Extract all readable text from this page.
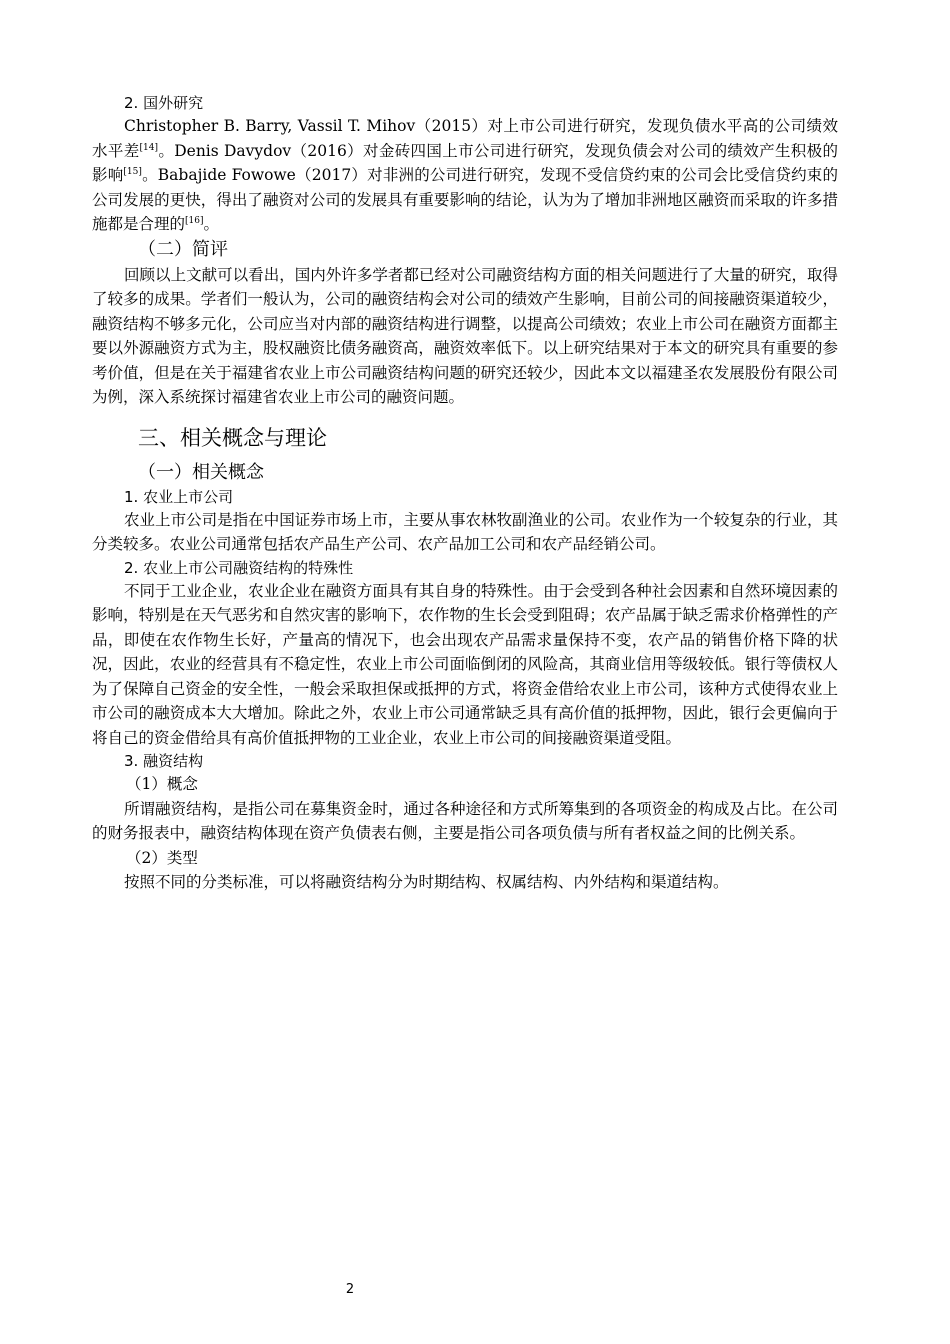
2. 国外研究

Christopher B. Barry, Vassil T. Mihov（2015）对上市公司进行研究，发现负债水平高的公司绩效水平差[14]。Denis Davydov（2016）对金砖四国上市公司进行研究，发现负债会对公司的绩效产生积极的影响[15]。Babajide Fowowe（2017）对非洲的公司进行研究，发现不受信贷约束的公司会比受信贷约束的公司发展的更快，得出了融资对公司的发展具有重要影响的结论，认为为了增加非洲地区融资而采取的许多措施都是合理的[16]。

（二）简评

回顾以上文献可以看出，国内外许多学者都已经对公司融资结构方面的相关问题进行了大量的研究，取得了较多的成果。学者们一般认为，公司的融资结构会对公司的绩效产生影响，目前公司的间接融资渠道较少，融资结构不够多元化，公司应当对内部的融资结构进行调整，以提高公司绩效；农业上市公司在融资方面都主要以外源融资方式为主，股权融资比债务融资高，融资效率低下。以上研究结果对于本文的研究具有重要的参考价值，但是在关于福建省农业上市公司融资结构问题的研究还较少，因此本文以福建圣农发展股份有限公司为例，深入系统探讨福建省农业上市公司的融资问题。

三、相关概念与理论

（一）相关概念

1. 农业上市公司

农业上市公司是指在中国证券市场上市，主要从事农林牧副渔业的公司。农业作为一个较复杂的行业，其分类较多。农业公司通常包括农产品生产公司、农产品加工公司和农产品经销公司。

2. 农业上市公司融资结构的特殊性

不同于工业企业，农业企业在融资方面具有其自身的特殊性。由于会受到各种社会因素和自然环境因素的影响，特别是在天气恶劣和自然灾害的影响下，农作物的生长会受到阻碍；农产品属于缺乏需求价格弹性的产品，即使在农作物生长好，产量高的情况下，也会出现农产品需求量保持不变，农产品的销售价格下降的状况，因此，农业的经营具有不稳定性，农业上市公司面临倒闭的风险高，其商业信用等级较低。银行等债权人为了保障自己资金的安全性，一般会采取担保或抵押的方式，将资金借给农业上市公司，该种方式使得农业上市公司的融资成本大大增加。除此之外，农业上市公司通常缺乏具有高价值的抵押物，因此，银行会更偏向于将自己的资金借给具有高价值抵押物的工业企业，农业上市公司的间接融资渠道受阻。

3. 融资结构

（1）概念

所谓融资结构，是指公司在募集资金时，通过各种途径和方式所筹集到的各项资金的构成及占比。在公司的财务报表中，融资结构体现在资产负债表右侧，主要是指公司各项负债与所有者权益之间的比例关系。

（2）类型

按照不同的分类标准，可以将融资结构分为时期结构、权属结构、内外结构和渠道结构。

2
